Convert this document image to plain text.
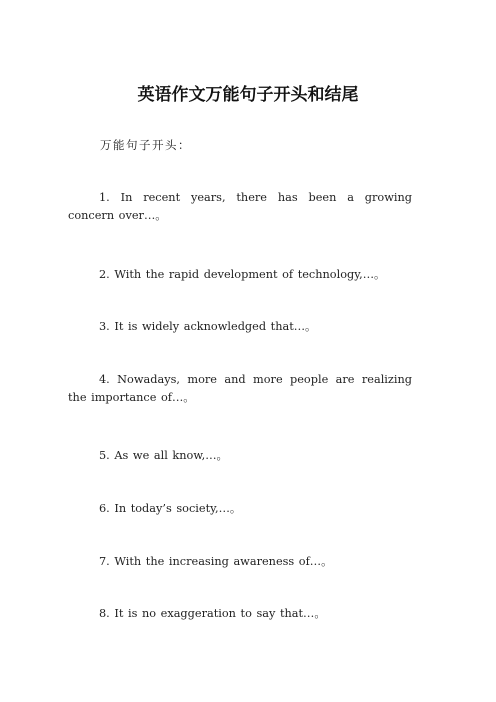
英语作文万能句子开头和结尾
万能句子开头：
1. In recent years, there has been a growing concern over…。
2. With the rapid development of technology,…。
3. It is widely acknowledged that…。
4. Nowadays, more and more people are realizing the importance of…。
5. As we all know,…。
6. In today’s society,…。
7. With the increasing awareness of…。
8. It is no exaggeration to say that…。
